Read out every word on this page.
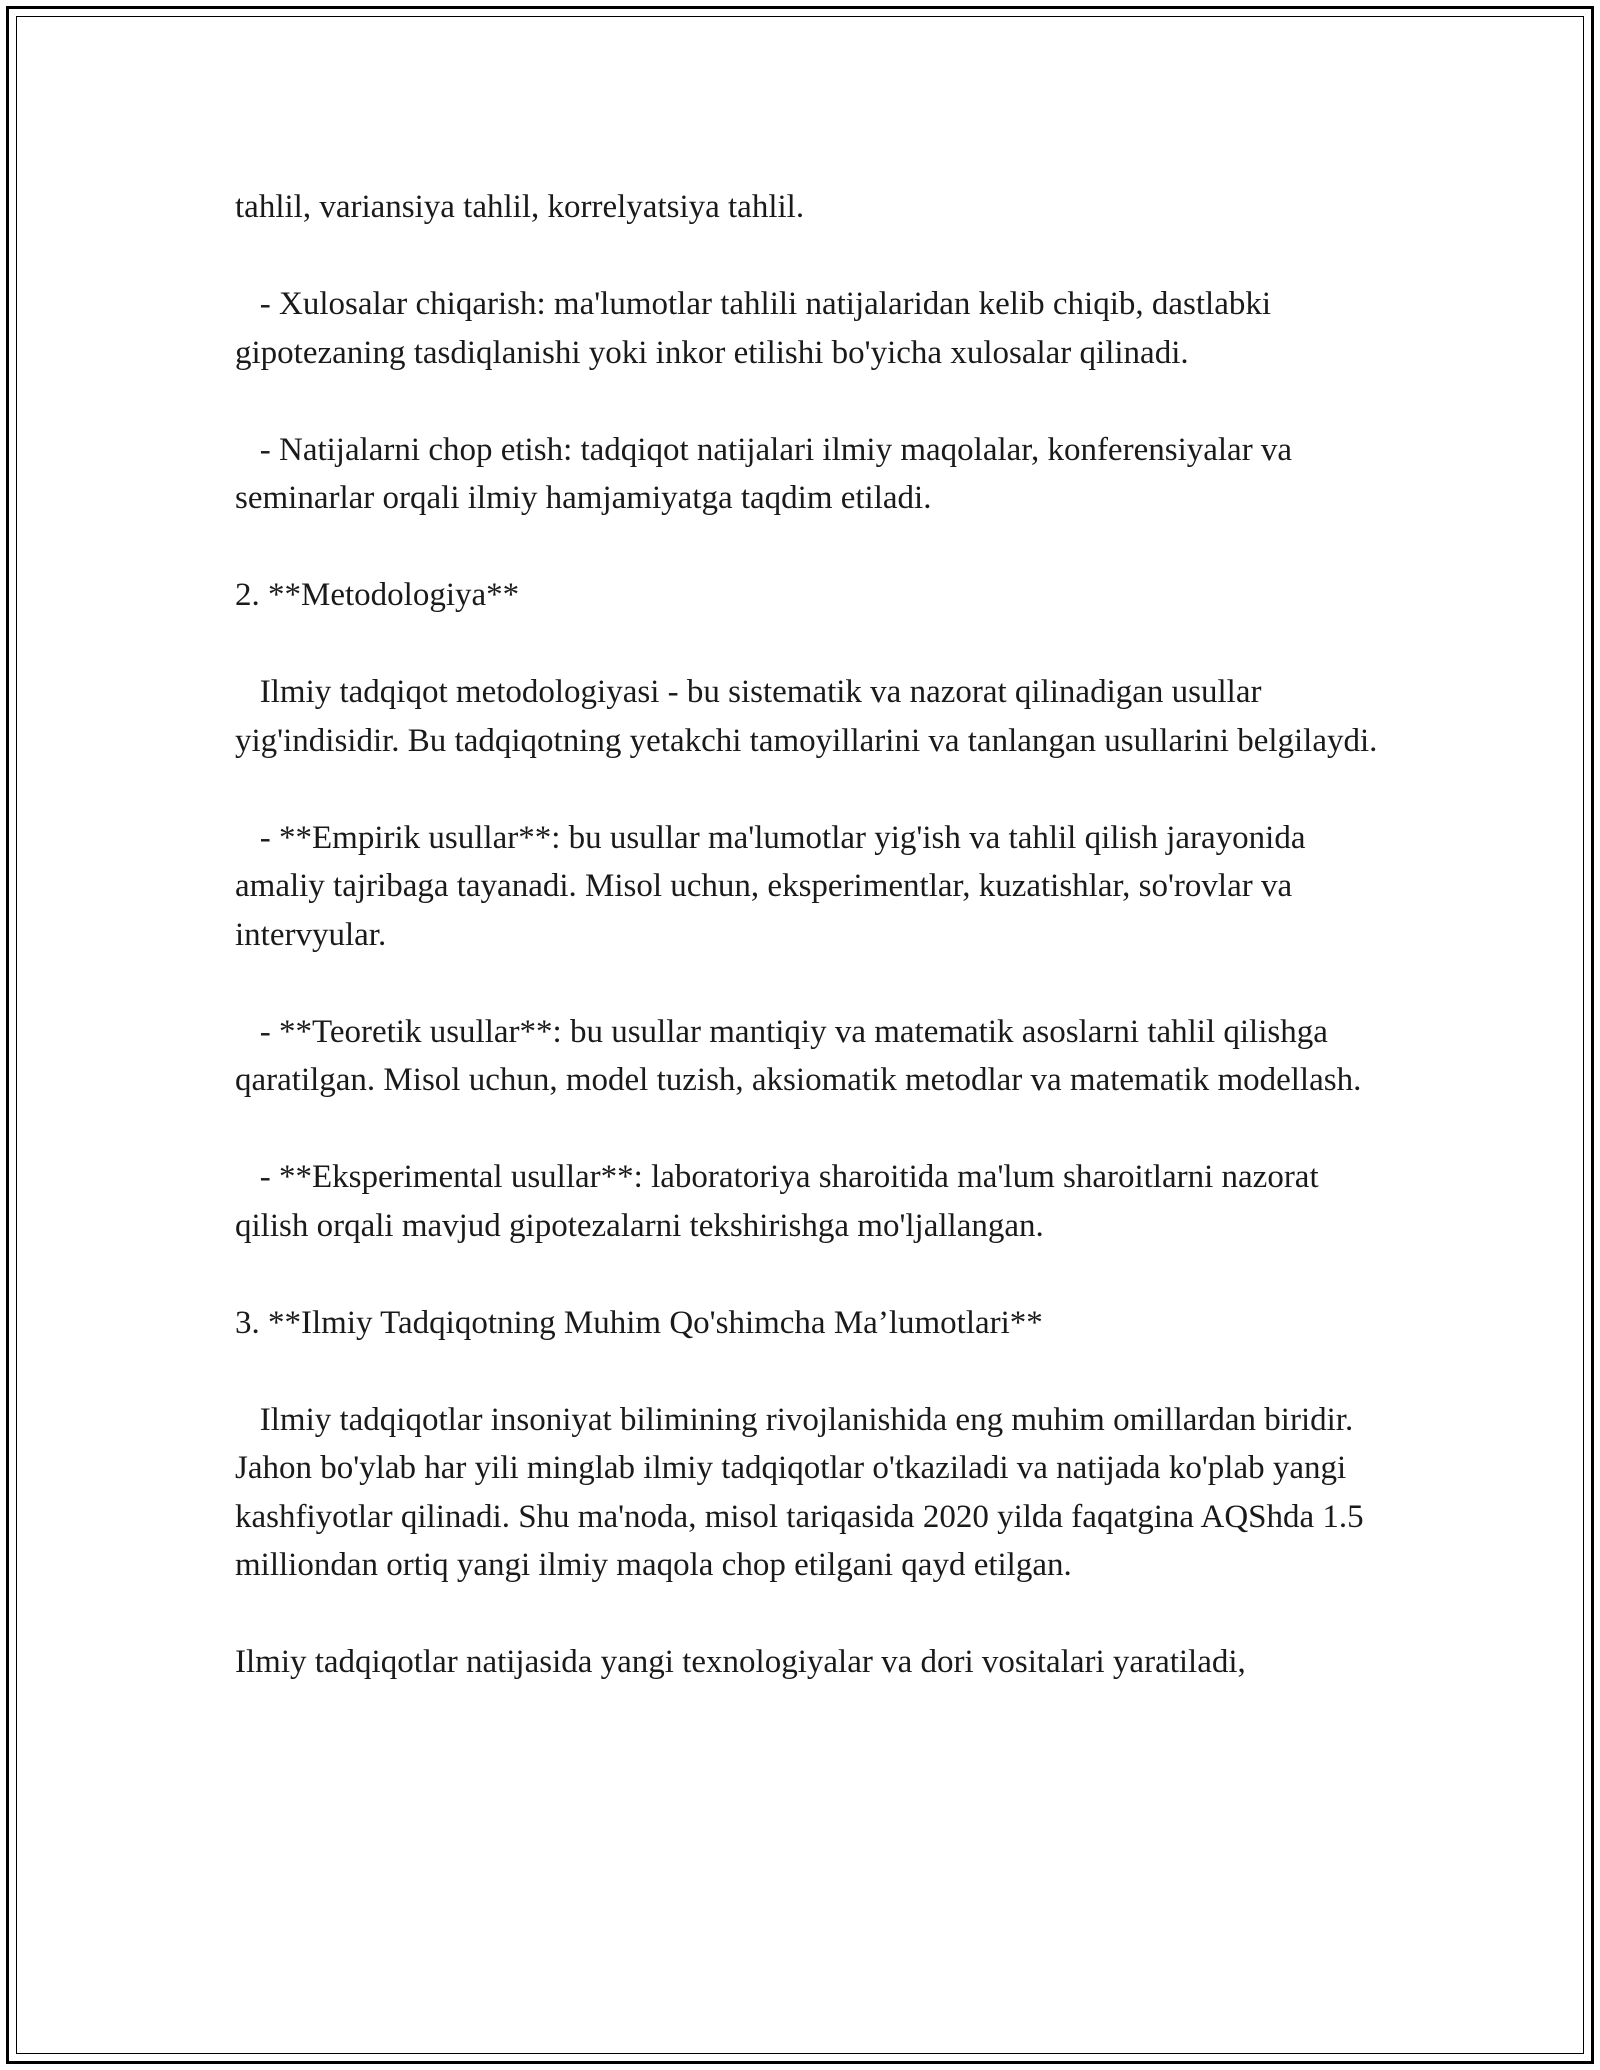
tahlil, variansiya tahlil, korrelyatsiya tahlil.

- Xulosalar chiqarish: ma'lumotlar tahlili natijalaridan kelib chiqib, dastlabki gipotezaning tasdiqlanishi yoki inkor etilishi bo'yicha xulosalar qilinadi.

- Natijalarni chop etish: tadqiqot natijalari ilmiy maqolalar, konferensiyalar va seminarlar orqali ilmiy hamjamiyatga taqdim etiladi.

2. **Metodologiya**

Ilmiy tadqiqot metodologiyasi - bu sistematik va nazorat qilinadigan usullar yig'indisidir. Bu tadqiqotning yetakchi tamoyillarini va tanlangan usullarini belgilaydi.

- **Empirik usullar**: bu usullar ma'lumotlar yig'ish va tahlil qilish jarayonida amaliy tajribaga tayanadi. Misol uchun, eksperimentlar, kuzatishlar, so'rovlar va intervyular.

- **Teoretik usullar**: bu usullar mantiqiy va matematik asoslarni tahlil qilishga qaratilgan. Misol uchun, model tuzish, aksiomatik metodlar va matematik modellash.

- **Eksperimental usullar**: laboratoriya sharoitida ma'lum sharoitlarni nazorat qilish orqali mavjud gipotezalarni tekshirishga mo'ljallangan.

3. **Ilmiy Tadqiqotning Muhim Qo'shimcha Ma’lumotlari**

Ilmiy tadqiqotlar insoniyat bilimining rivojlanishida eng muhim omillardan biridir. Jahon bo'ylab har yili minglab ilmiy tadqiqotlar o'tkaziladi va natijada ko'plab yangi kashfiyotlar qilinadi. Shu ma'noda, misol tariqasida 2020 yilda faqatgina AQShda 1.5 milliondan ortiq yangi ilmiy maqola chop etilgani qayd etilgan.

Ilmiy tadqiqotlar natijasida yangi texnologiyalar va dori vositalari yaratiladi,
